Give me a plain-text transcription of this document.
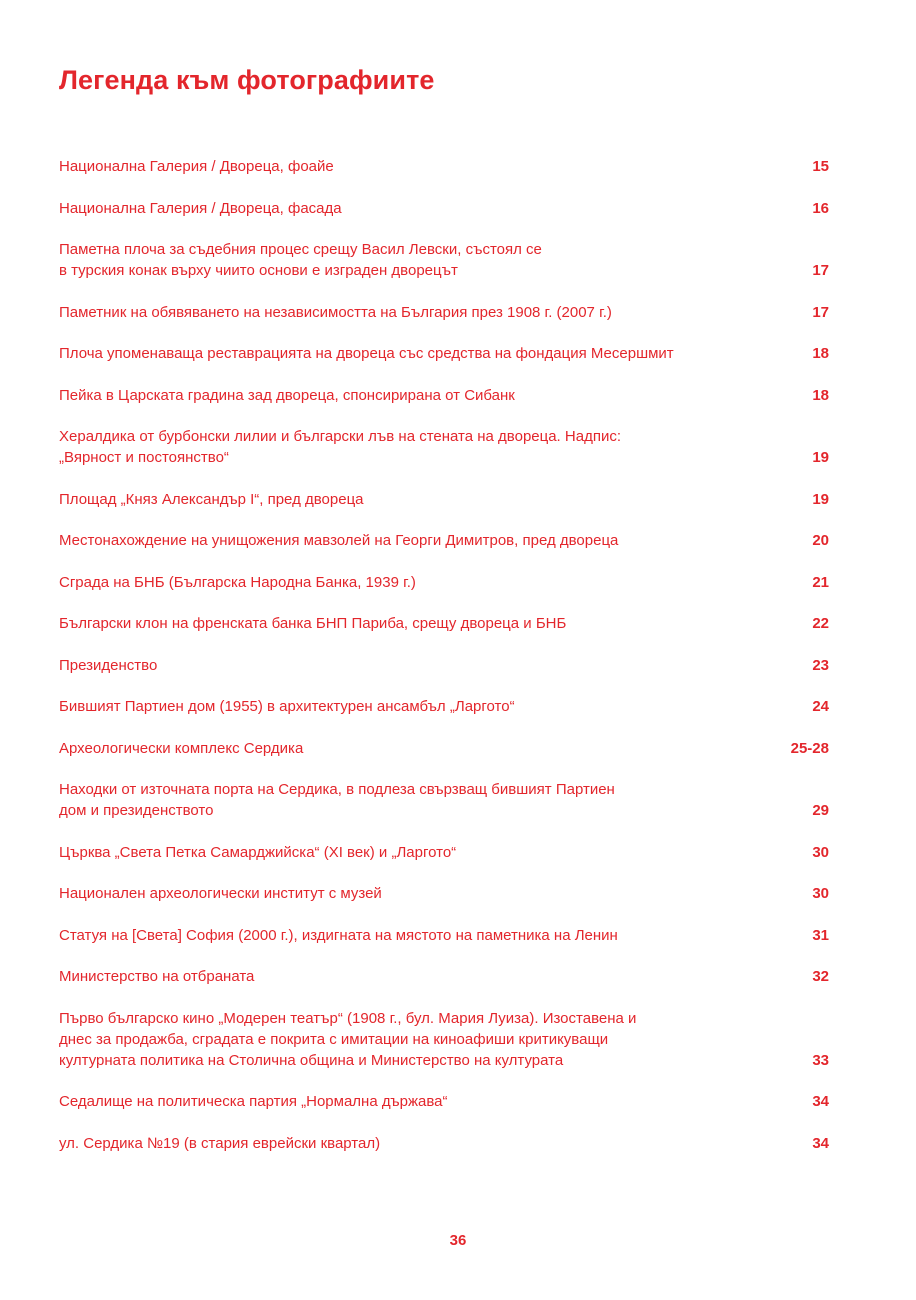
Легенда към фотографиите
Национална Галерия / Двореца, фоайе	15
Национална Галерия / Двореца, фасада	16
Паметна плоча за съдебния процес срещу Васил Левски, състоял се
в турския конак върху чиито основи е изграден дворецът	17
Паметник на обявяването на независимостта на България през 1908 г. (2007 г.)	17
Плоча упоменаваща реставрацията на двореца със средства на фондация Месершмит	18
Пейка в Царската градина зад двореца, спонсирирана от Сибанк	18
Хералдика от бурбонски лилии и български лъв на стената на двореца. Надпис:
„Вярност и постоянство“	19
Площад „Княз Александър I“, пред двореца	19
Местонахождение на унищожения мавзолей на Георги Димитров, пред двореца	20
Сграда на БНБ (Българска Народна Банка, 1939 г.)	21
Български клон на френската банка БНП Париба, срещу двореца и БНБ	22
Президенство	23
Бившият Партиен дом (1955) в архитектурен ансамбъл „Ларгото“	24
Археологически комплекс Сердика	25-28
Находки от източната порта на Сердика, в подлеза свързващ бившият Партиен
дом и президенството	29
Църква „Света Петка Самарджийска“ (XI век) и „Ларгото“	30
Национален археологически институт с музей	30
Статуя на [Света] София (2000 г.), издигната на мястото на паметника на Ленин	31
Министерство на отбраната	32
Първо българско кино „Модерен театър“ (1908 г., бул. Мария Луиза). Изоставена и
днес за продажба, сградата е покрита с имитации на киноафиши критикуващи
културната политика на Столична община и Министерство на културата	33
Седалище на политическа партия „Нормална държава“	34
ул. Сердика №19 (в стария еврейски квартал)	34
36
